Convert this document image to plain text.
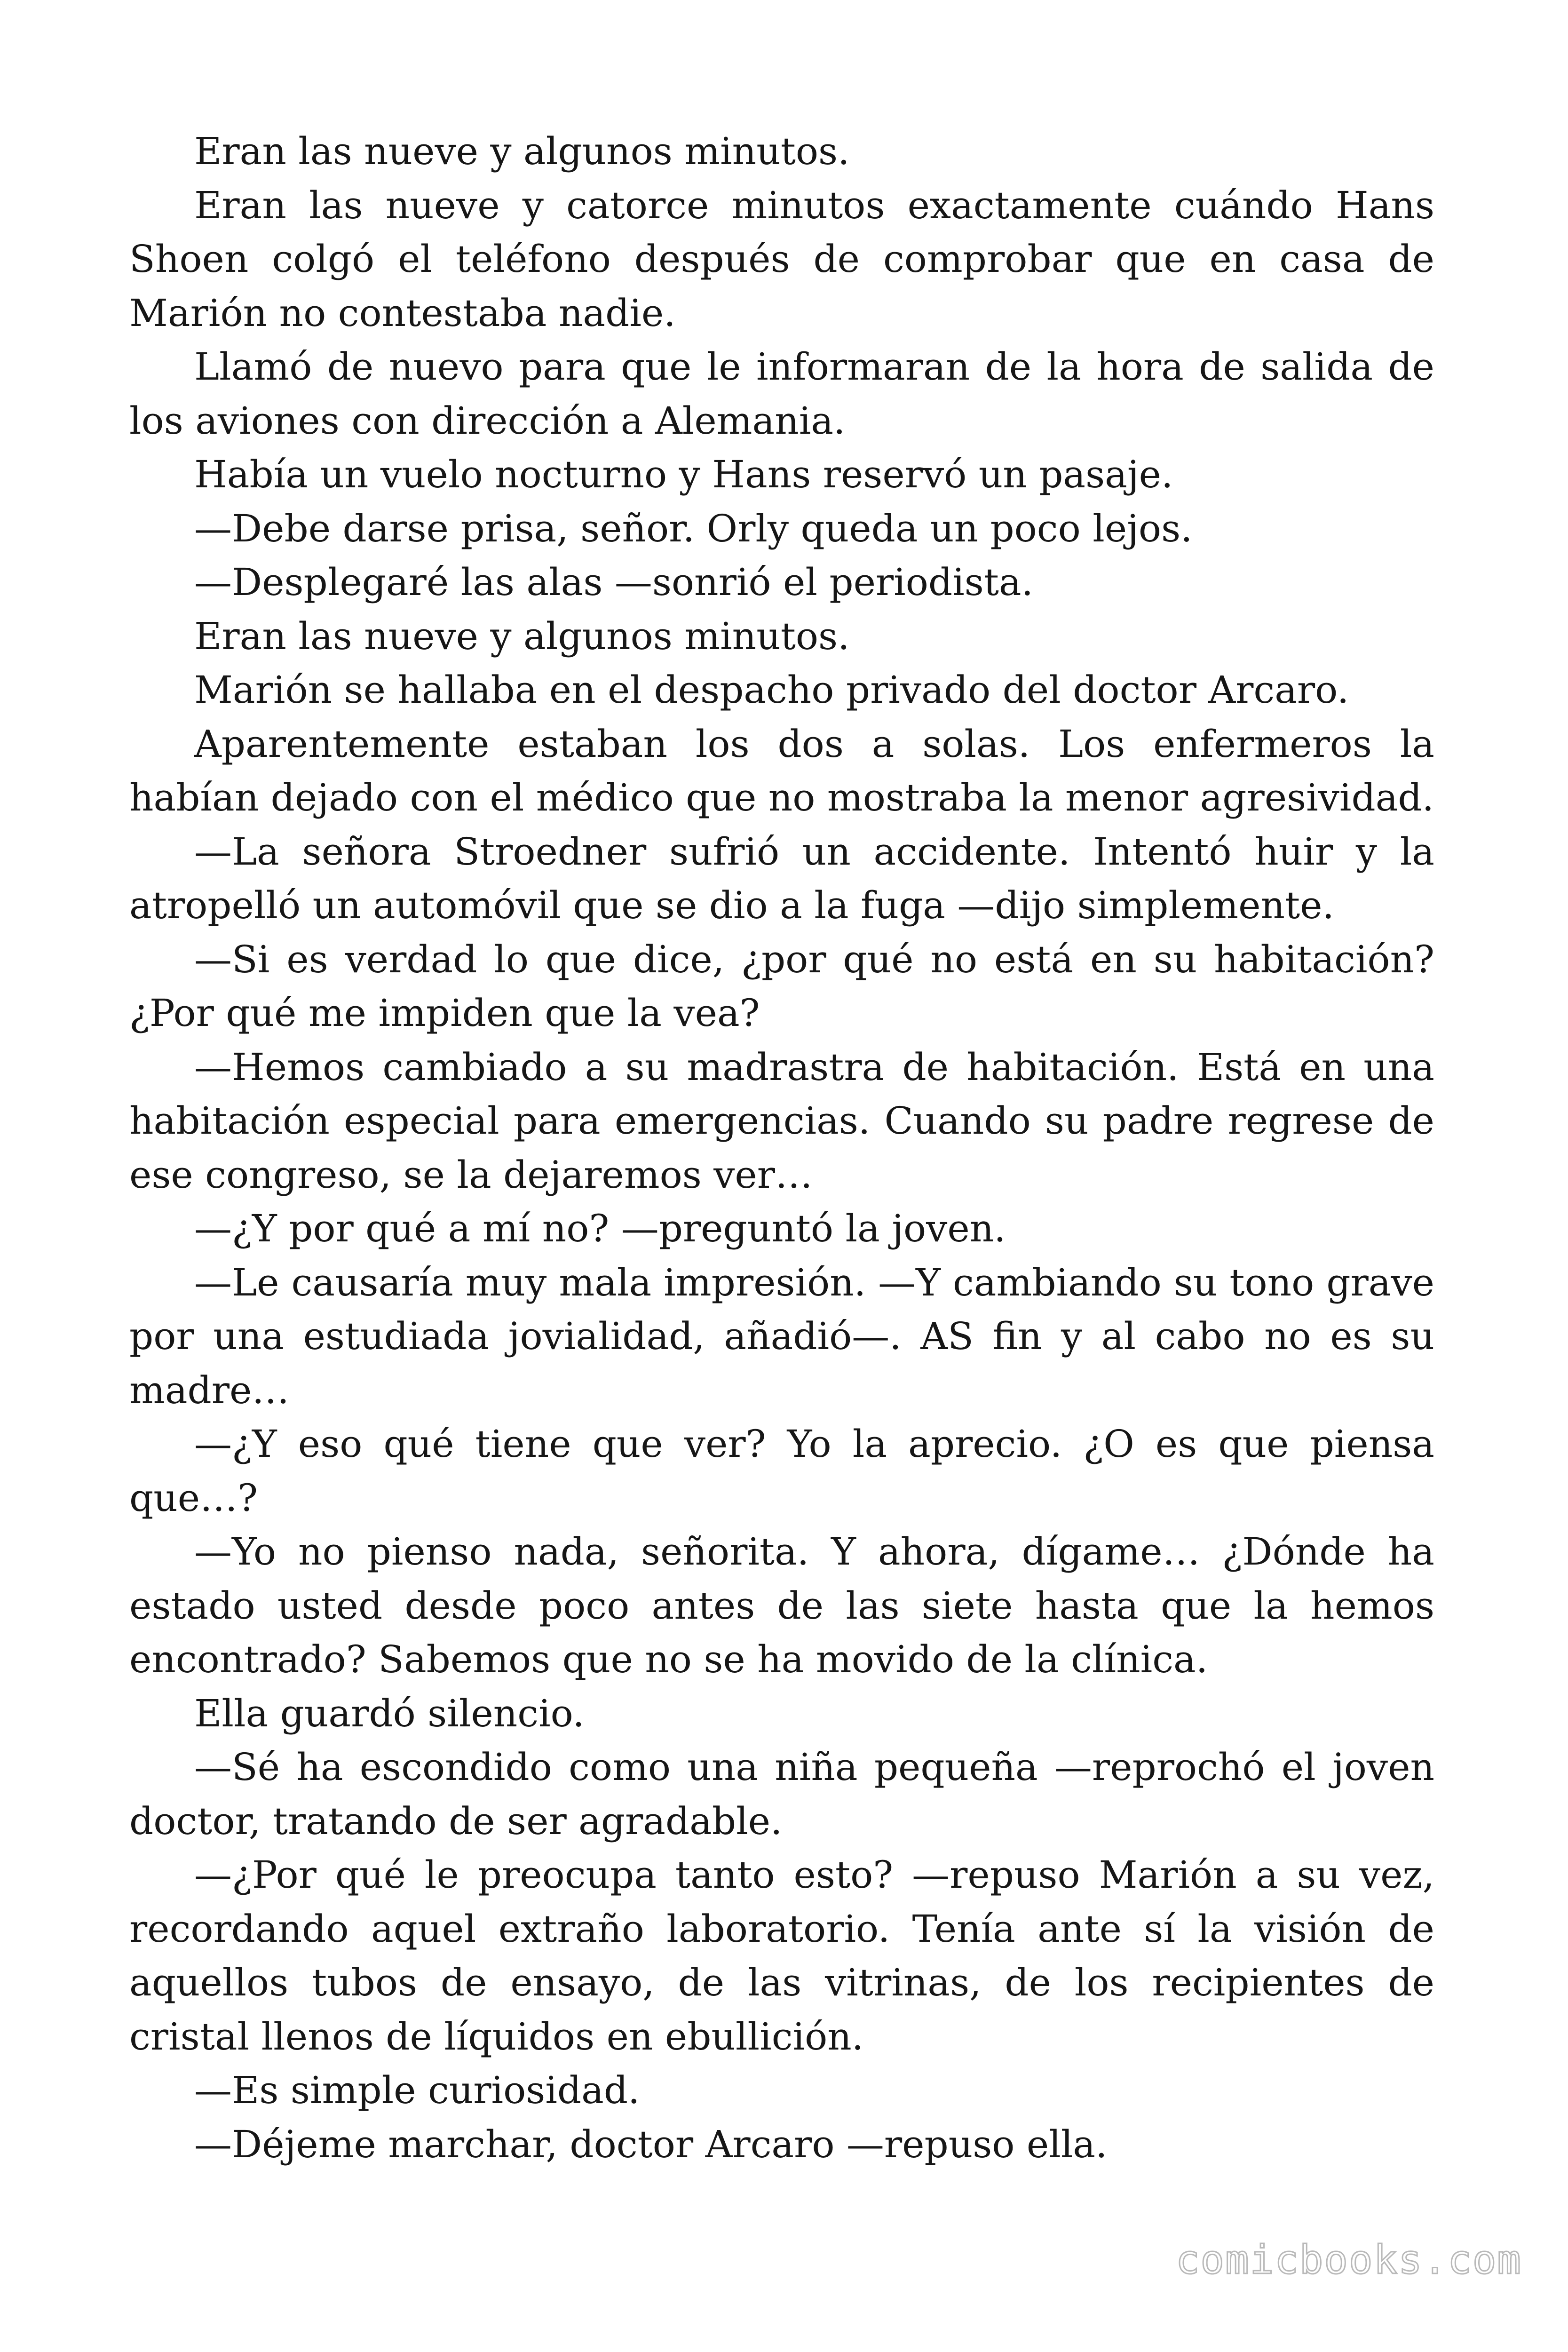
Eran las nueve y algunos minutos.

Eran las nueve y catorce minutos exactamente cuándo Hans Shoen colgó el teléfono después de comprobar que en casa de Marión no contestaba nadie.

Llamó de nuevo para que le informaran de la hora de salida de los aviones con dirección a Alemania.

Había un vuelo nocturno y Hans reservó un pasaje.

—Debe darse prisa, señor. Orly queda un poco lejos.

—Desplegaré las alas —sonrió el periodista.

Eran las nueve y algunos minutos.

Marión se hallaba en el despacho privado del doctor Arcaro.

Aparentemente estaban los dos a solas. Los enfermeros la habían dejado con el médico que no mostraba la menor agresividad.

—La señora Stroedner sufrió un accidente. Intentó huir y la atropelló un automóvil que se dio a la fuga —dijo simplemente.

—Si es verdad lo que dice, ¿por qué no está en su habitación? ¿Por qué me impiden que la vea?

—Hemos cambiado a su madrastra de habitación. Está en una habitación especial para emergencias. Cuando su padre regrese de ese congreso, se la dejaremos ver…

—¿Y por qué a mí no? —preguntó la joven.

—Le causaría muy mala impresión. —Y cambiando su tono grave por una estudiada jovialidad, añadió—. AS fin y al cabo no es su madre…

—¿Y eso qué tiene que ver? Yo la aprecio. ¿O es que piensa que…?

—Yo no pienso nada, señorita. Y ahora, dígame… ¿Dónde ha estado usted desde poco antes de las siete hasta que la hemos encontrado? Sabemos que no se ha movido de la clínica.

Ella guardó silencio.

—Sé ha escondido como una niña pequeña —reprochó el joven doctor, tratando de ser agradable.

—¿Por qué le preocupa tanto esto? —repuso Marión a su vez, recordando aquel extraño laboratorio. Tenía ante sí la visión de aquellos tubos de ensayo, de las vitrinas, de los recipientes de cristal llenos de líquidos en ebullición.

—Es simple curiosidad.

—Déjeme marchar, doctor Arcaro —repuso ella.

comicbooks.com
